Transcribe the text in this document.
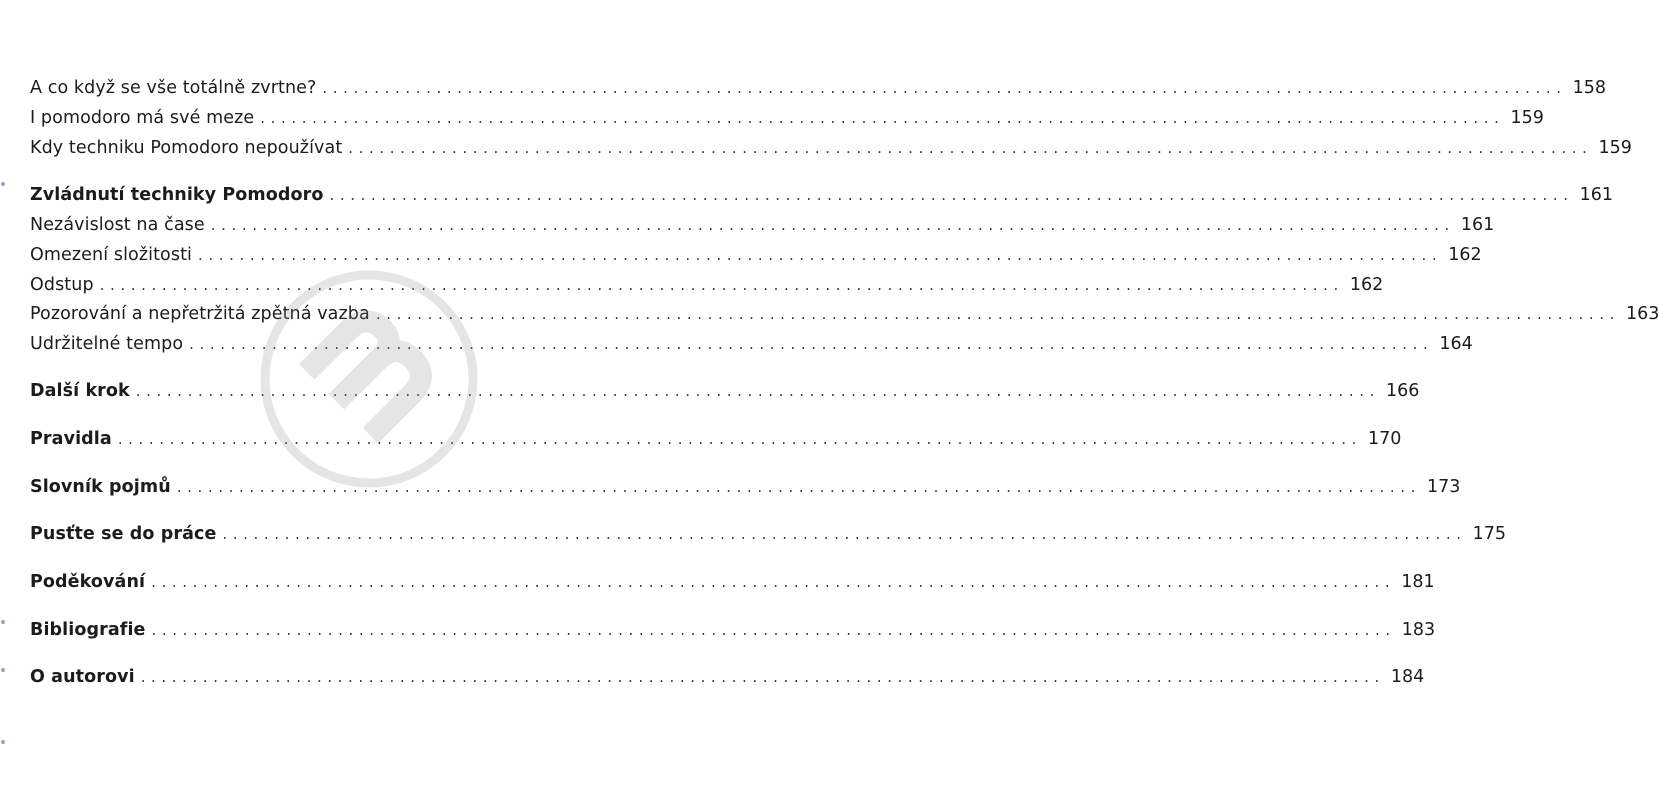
A co když se vše totálně zvrtne? ........................................................................................................................ 158
I pomodoro má své meze ........................................................................................................................ 159
Kdy techniku Pomodoro nepoužívat ........................................................................................................................ 159
Zvládnutí techniky Pomodoro ........................................................................................................................ 161
Nezávislost na čase ........................................................................................................................ 161
Omezení složitosti ........................................................................................................................ 162
Odstup ........................................................................................................................ 162
Pozorování a nepřetržitá zpětná vazba ........................................................................................................................ 163
Udržitelné tempo ........................................................................................................................ 164
Další krok ........................................................................................................................ 166
Pravidla ........................................................................................................................ 170
Slovník pojmů ........................................................................................................................ 173
Pusťte se do práce ........................................................................................................................ 175
Poděkování ........................................................................................................................ 181
Bibliografie ........................................................................................................................ 183
O autorovi ........................................................................................................................ 184
